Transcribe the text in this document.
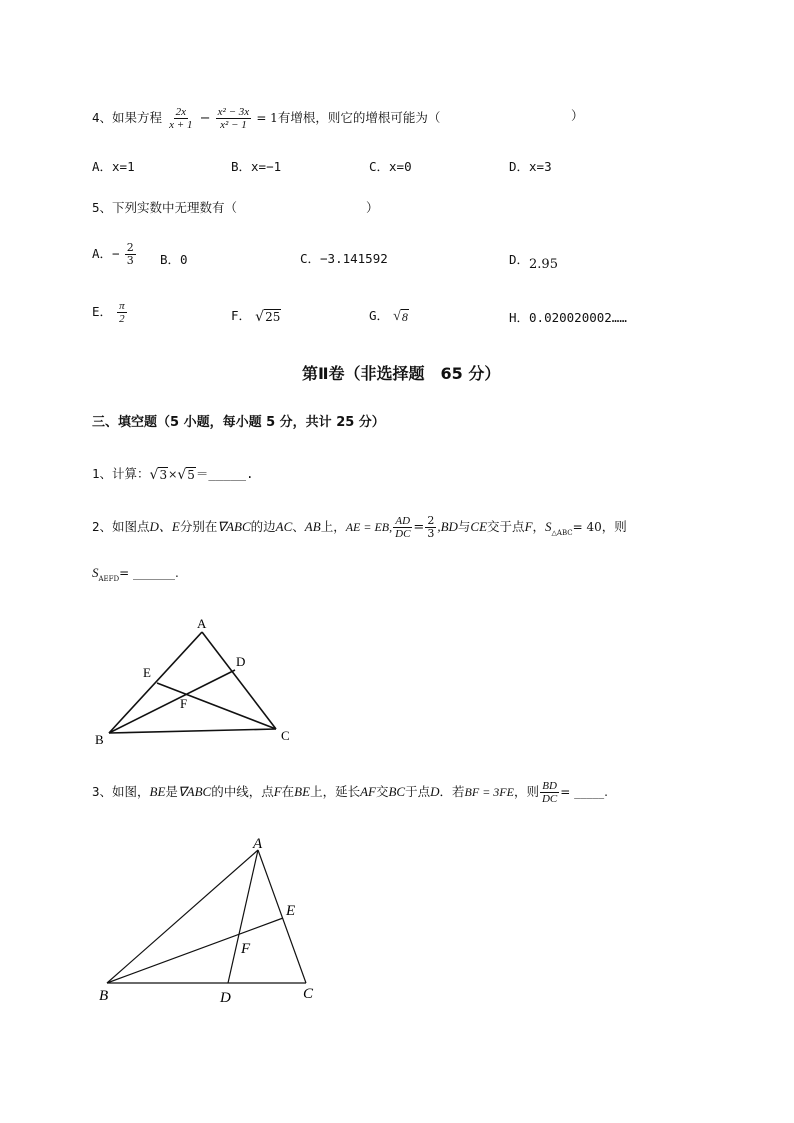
4、如果方程 $\frac{2x}{x + 1} - \frac{\text{x² − 3x}}{\text{x² − 1}} = 1$有增根，则它的增根可能为（	）
A．x=1	B．x=−1	C．x=0	D．x=3
5、下列实数中无理数有（	）
A．− $\frac{2}{3}$ B．0	C．−3.141592	D．2.95
E． $\frac{\pi}{2}$	F． √ 25	G． √ 8	H．0.020020002……
第Ⅱ卷（非选择题　65 分）
三、填空题（5 小题，每小题 5 分，共计 25 分）
1、计算： √ 3 × √ 5 ＝_____.
2、如图点D、E分别在∇ABC的边AC、AB上，AE = EB, $\frac{AD}{DC} = \frac{2}{3} ,BD$与CE交于点F，$S_{\triangle ABC}= 40$，则
$S_{AEFD}=$ _______.
A
B	C
D
E
F
3、如图，BE是∇ABC的中线，点F在BE上，延长AF交BC于点D．若BF = 3FE，则 $\frac{BD}{DC}$ = _____.
A
B	C
D
E
F
